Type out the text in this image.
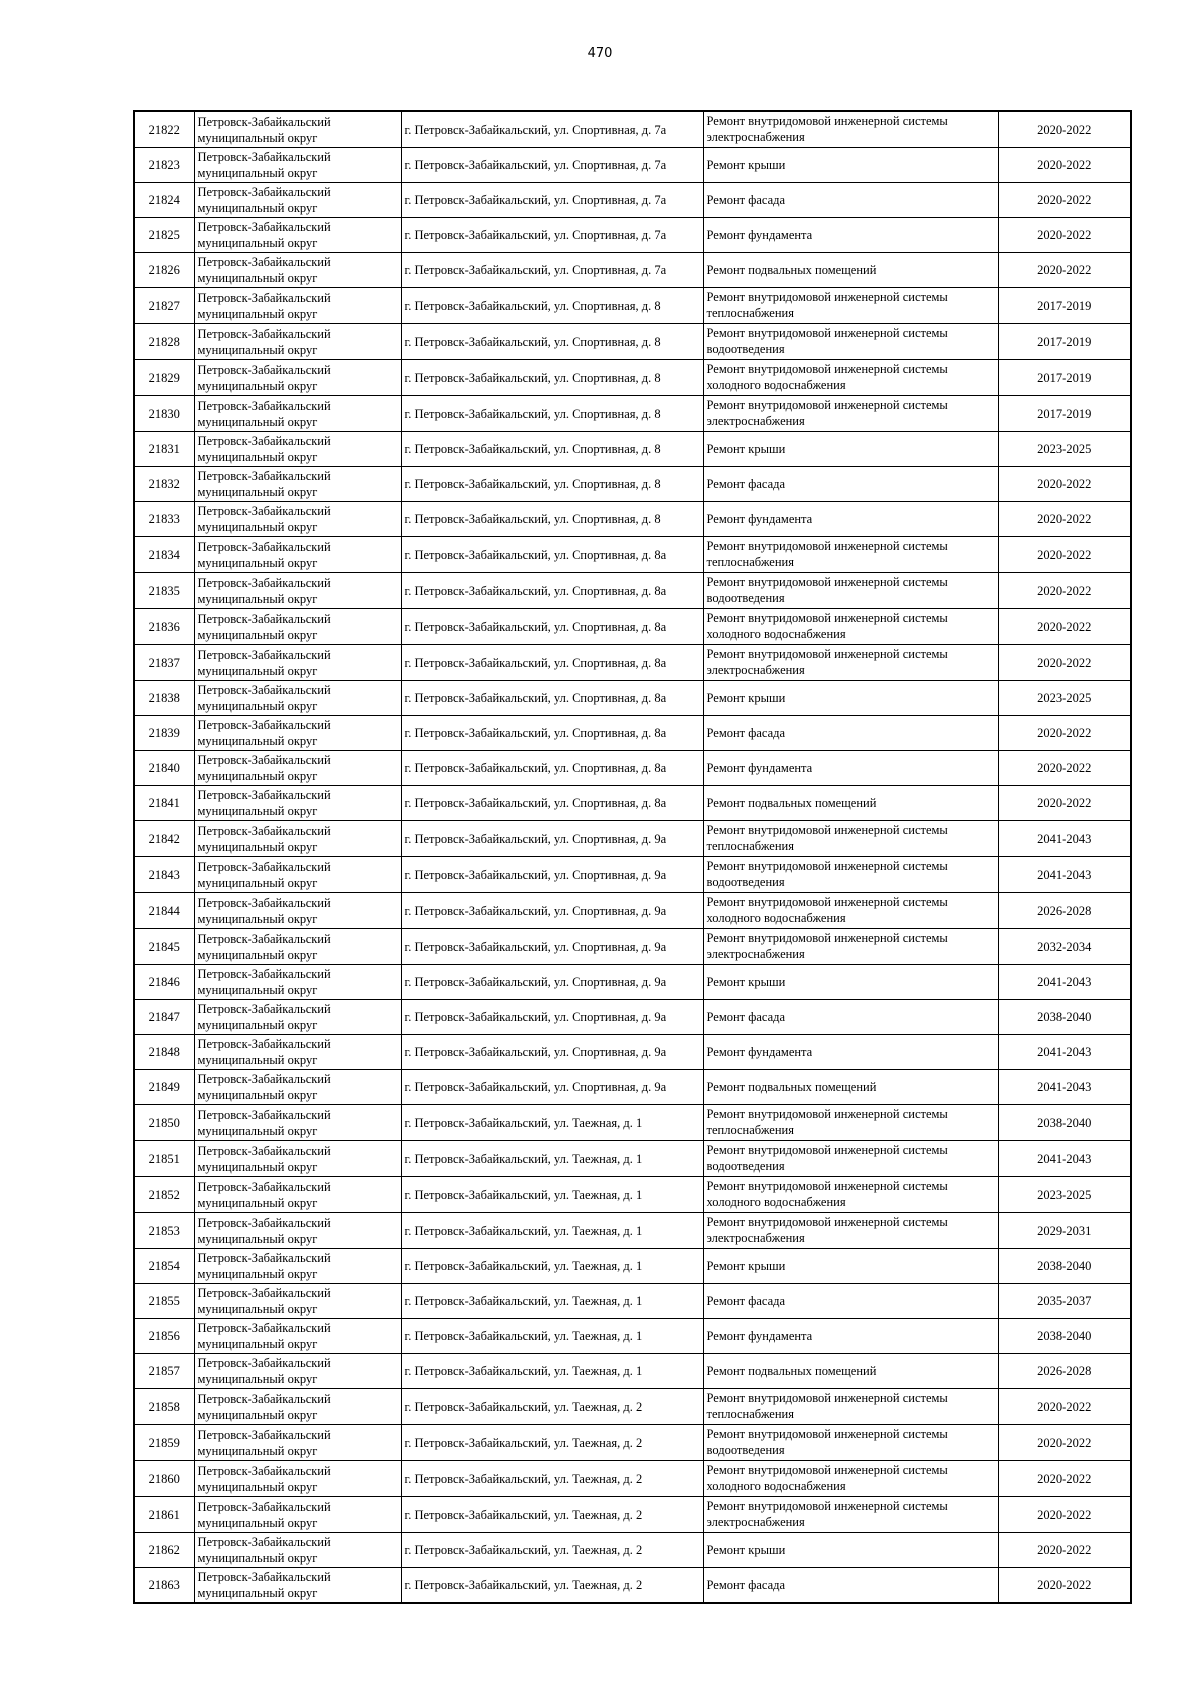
470
21822	Петровск-Забайкальский муниципальный округ	г. Петровск-Забайкальский, ул. Спортивная, д. 7а	Ремонт внутридомовой инженерной системы электроснабжения	2020-2022
21823	Петровск-Забайкальский муниципальный округ	г. Петровск-Забайкальский, ул. Спортивная, д. 7а	Ремонт крыши	2020-2022
21824	Петровск-Забайкальский муниципальный округ	г. Петровск-Забайкальский, ул. Спортивная, д. 7а	Ремонт фасада	2020-2022
21825	Петровск-Забайкальский муниципальный округ	г. Петровск-Забайкальский, ул. Спортивная, д. 7а	Ремонт фундамента	2020-2022
21826	Петровск-Забайкальский муниципальный округ	г. Петровск-Забайкальский, ул. Спортивная, д. 7а	Ремонт подвальных помещений	2020-2022
21827	Петровск-Забайкальский муниципальный округ	г. Петровск-Забайкальский, ул. Спортивная, д. 8	Ремонт внутридомовой инженерной системы теплоснабжения	2017-2019
21828	Петровск-Забайкальский муниципальный округ	г. Петровск-Забайкальский, ул. Спортивная, д. 8	Ремонт внутридомовой инженерной системы водоотведения	2017-2019
21829	Петровск-Забайкальский муниципальный округ	г. Петровск-Забайкальский, ул. Спортивная, д. 8	Ремонт внутридомовой инженерной системы холодного водоснабжения	2017-2019
21830	Петровск-Забайкальский муниципальный округ	г. Петровск-Забайкальский, ул. Спортивная, д. 8	Ремонт внутридомовой инженерной системы электроснабжения	2017-2019
21831	Петровск-Забайкальский муниципальный округ	г. Петровск-Забайкальский, ул. Спортивная, д. 8	Ремонт крыши	2023-2025
21832	Петровск-Забайкальский муниципальный округ	г. Петровск-Забайкальский, ул. Спортивная, д. 8	Ремонт фасада	2020-2022
21833	Петровск-Забайкальский муниципальный округ	г. Петровск-Забайкальский, ул. Спортивная, д. 8	Ремонт фундамента	2020-2022
21834	Петровск-Забайкальский муниципальный округ	г. Петровск-Забайкальский, ул. Спортивная, д. 8а	Ремонт внутридомовой инженерной системы теплоснабжения	2020-2022
21835	Петровск-Забайкальский муниципальный округ	г. Петровск-Забайкальский, ул. Спортивная, д. 8а	Ремонт внутридомовой инженерной системы водоотведения	2020-2022
21836	Петровск-Забайкальский муниципальный округ	г. Петровск-Забайкальский, ул. Спортивная, д. 8а	Ремонт внутридомовой инженерной системы холодного водоснабжения	2020-2022
21837	Петровск-Забайкальский муниципальный округ	г. Петровск-Забайкальский, ул. Спортивная, д. 8а	Ремонт внутридомовой инженерной системы электроснабжения	2020-2022
21838	Петровск-Забайкальский муниципальный округ	г. Петровск-Забайкальский, ул. Спортивная, д. 8а	Ремонт крыши	2023-2025
21839	Петровск-Забайкальский муниципальный округ	г. Петровск-Забайкальский, ул. Спортивная, д. 8а	Ремонт фасада	2020-2022
21840	Петровск-Забайкальский муниципальный округ	г. Петровск-Забайкальский, ул. Спортивная, д. 8а	Ремонт фундамента	2020-2022
21841	Петровск-Забайкальский муниципальный округ	г. Петровск-Забайкальский, ул. Спортивная, д. 8а	Ремонт подвальных помещений	2020-2022
21842	Петровск-Забайкальский муниципальный округ	г. Петровск-Забайкальский, ул. Спортивная, д. 9а	Ремонт внутридомовой инженерной системы теплоснабжения	2041-2043
21843	Петровск-Забайкальский муниципальный округ	г. Петровск-Забайкальский, ул. Спортивная, д. 9а	Ремонт внутридомовой инженерной системы водоотведения	2041-2043
21844	Петровск-Забайкальский муниципальный округ	г. Петровск-Забайкальский, ул. Спортивная, д. 9а	Ремонт внутридомовой инженерной системы холодного водоснабжения	2026-2028
21845	Петровск-Забайкальский муниципальный округ	г. Петровск-Забайкальский, ул. Спортивная, д. 9а	Ремонт внутридомовой инженерной системы электроснабжения	2032-2034
21846	Петровск-Забайкальский муниципальный округ	г. Петровск-Забайкальский, ул. Спортивная, д. 9а	Ремонт крыши	2041-2043
21847	Петровск-Забайкальский муниципальный округ	г. Петровск-Забайкальский, ул. Спортивная, д. 9а	Ремонт фасада	2038-2040
21848	Петровск-Забайкальский муниципальный округ	г. Петровск-Забайкальский, ул. Спортивная, д. 9а	Ремонт фундамента	2041-2043
21849	Петровск-Забайкальский муниципальный округ	г. Петровск-Забайкальский, ул. Спортивная, д. 9а	Ремонт подвальных помещений	2041-2043
21850	Петровск-Забайкальский муниципальный округ	г. Петровск-Забайкальский, ул. Таежная, д. 1	Ремонт внутридомовой инженерной системы теплоснабжения	2038-2040
21851	Петровск-Забайкальский муниципальный округ	г. Петровск-Забайкальский, ул. Таежная, д. 1	Ремонт внутридомовой инженерной системы водоотведения	2041-2043
21852	Петровск-Забайкальский муниципальный округ	г. Петровск-Забайкальский, ул. Таежная, д. 1	Ремонт внутридомовой инженерной системы холодного водоснабжения	2023-2025
21853	Петровск-Забайкальский муниципальный округ	г. Петровск-Забайкальский, ул. Таежная, д. 1	Ремонт внутридомовой инженерной системы электроснабжения	2029-2031
21854	Петровск-Забайкальский муниципальный округ	г. Петровск-Забайкальский, ул. Таежная, д. 1	Ремонт крыши	2038-2040
21855	Петровск-Забайкальский муниципальный округ	г. Петровск-Забайкальский, ул. Таежная, д. 1	Ремонт фасада	2035-2037
21856	Петровск-Забайкальский муниципальный округ	г. Петровск-Забайкальский, ул. Таежная, д. 1	Ремонт фундамента	2038-2040
21857	Петровск-Забайкальский муниципальный округ	г. Петровск-Забайкальский, ул. Таежная, д. 1	Ремонт подвальных помещений	2026-2028
21858	Петровск-Забайкальский муниципальный округ	г. Петровск-Забайкальский, ул. Таежная, д. 2	Ремонт внутридомовой инженерной системы теплоснабжения	2020-2022
21859	Петровск-Забайкальский муниципальный округ	г. Петровск-Забайкальский, ул. Таежная, д. 2	Ремонт внутридомовой инженерной системы водоотведения	2020-2022
21860	Петровск-Забайкальский муниципальный округ	г. Петровск-Забайкальский, ул. Таежная, д. 2	Ремонт внутридомовой инженерной системы холодного водоснабжения	2020-2022
21861	Петровск-Забайкальский муниципальный округ	г. Петровск-Забайкальский, ул. Таежная, д. 2	Ремонт внутридомовой инженерной системы электроснабжения	2020-2022
21862	Петровск-Забайкальский муниципальный округ	г. Петровск-Забайкальский, ул. Таежная, д. 2	Ремонт крыши	2020-2022
21863	Петровск-Забайкальский муниципальный округ	г. Петровск-Забайкальский, ул. Таежная, д. 2	Ремонт фасада	2020-2022
